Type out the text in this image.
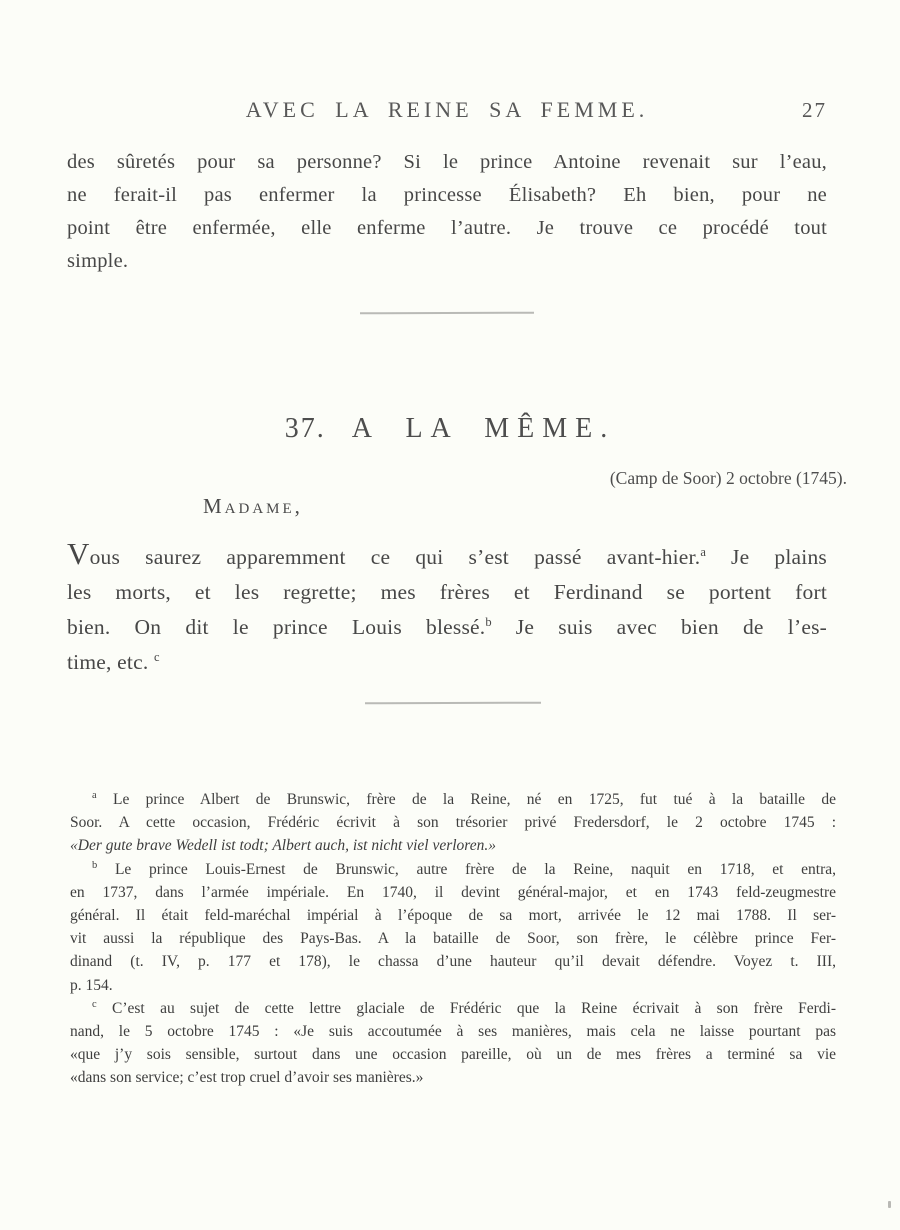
AVEC LA REINE SA FEMME.	27
des sûretés pour sa personne? Si le prince Antoine revenait sur l’eau,
ne ferait-il pas enfermer la princesse Élisabeth? Eh bien, pour ne
point être enfermée, elle enferme l’autre. Je trouve ce procédé tout
simple.
37. A LA MÊME.
(Camp de Soor) 2 octobre (1745).
Madame,
Vous saurez apparemment ce qui s’est passé avant-hier.$^a$ Je plains
les morts, et les regrette; mes frères et Ferdinand se portent fort
bien. On dit le prince Louis blessé.$^b$ Je suis avec bien de l’es-
time, etc. $^c$
$^a$ Le prince Albert de Brunswic, frère de la Reine, né en 1725, fut tué à la bataille de
Soor. A cette occasion, Frédéric écrivit à son trésorier privé Fredersdorf, le 2 octobre 1745 :
«Der gute brave Wedell ist todt; Albert auch, ist nicht viel verloren.»
$^b$ Le prince Louis-Ernest de Brunswic, autre frère de la Reine, naquit en 1718, et entra,
en 1737, dans l’armée impériale. En 1740, il devint général-major, et en 1743 feld-zeugmestre
général. Il était feld-maréchal impérial à l’époque de sa mort, arrivée le 12 mai 1788. Il ser-
vit aussi la république des Pays-Bas. A la bataille de Soor, son frère, le célèbre prince Fer-
dinand (t. IV, p. 177 et 178), le chassa d’une hauteur qu’il devait défendre. Voyez t. III,
p. 154.
$^c$ C’est au sujet de cette lettre glaciale de Frédéric que la Reine écrivait à son frère Ferdi-
nand, le 5 octobre 1745 : «Je suis accoutumée à ses manières, mais cela ne laisse pourtant pas
«que j’y sois sensible, surtout dans une occasion pareille, où un de mes frères a terminé sa vie
«dans son service; c’est trop cruel d’avoir ses manières.»
